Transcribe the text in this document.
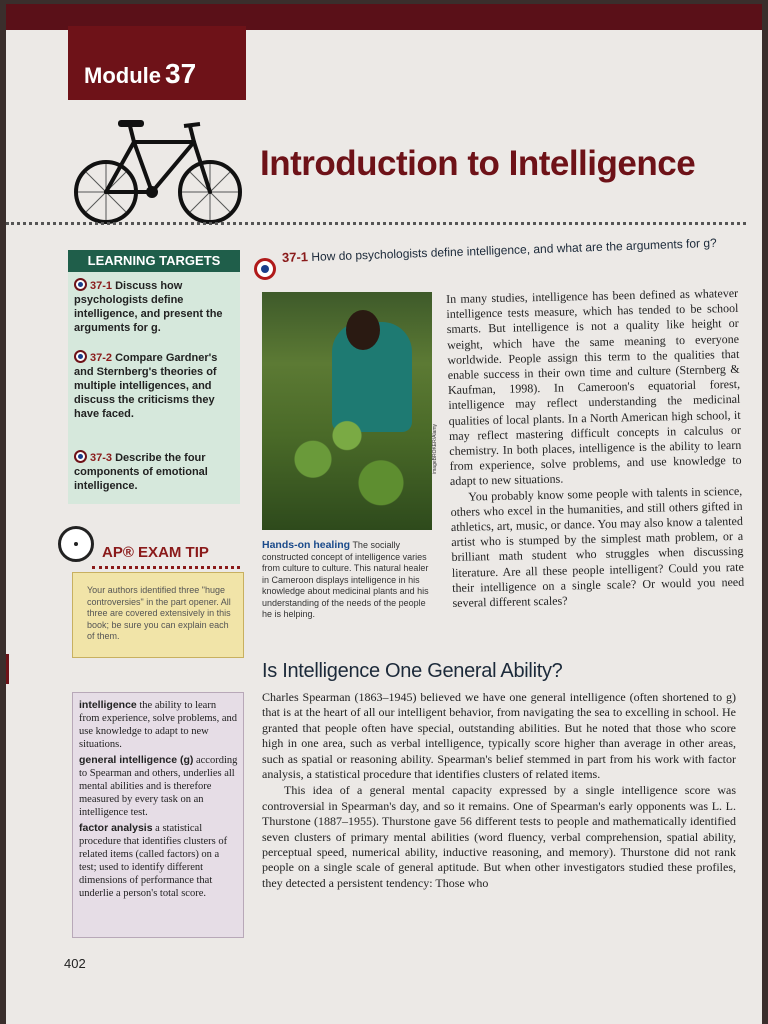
Module 37
Introduction to Intelligence
LEARNING TARGETS
37-1 Discuss how psychologists define intelligence, and present the arguments for g.
37-2 Compare Gardner's and Sternberg's theories of multiple intelligences, and discuss the criticisms they have faced.
37-3 Describe the four components of emotional intelligence.
37-1 How do psychologists define intelligence, and what are the arguments for g?
imageBROKER/Alamy
Hands-on healing The socially constructed concept of intelligence varies from culture to culture. This natural healer in Cameroon displays intelligence in his knowledge about medicinal plants and his understanding of the needs of the people he is helping.
AP® EXAM TIP
Your authors identified three "huge controversies" in the part opener. All three are covered extensively in this book; be sure you can explain each of them.

In many studies, intelligence has been defined as whatever intelligence tests measure, which has tended to be school smarts. But intelligence is not a quality like height or weight, which have the same meaning to everyone worldwide. People assign this term to the qualities that enable success in their own time and culture (Sternberg & Kaufman, 1998). In Cameroon's equatorial forest, intelligence may reflect understanding the medicinal qualities of local plants. In a North American high school, it may reflect mastering difficult concepts in calculus or chemistry. In both places, intelligence is the ability to learn from experience, solve problems, and use knowledge to adapt to new situations.

You probably know some people with talents in science, others who excel in the humanities, and still others gifted in athletics, art, music, or dance. You may also know a talented artist who is stumped by the simplest math problem, or a brilliant math student who struggles when discussing literature. Are all these people intelligent? Could you rate their intelligence on a single scale? Or would you need several different scales?

Is Intelligence One General Ability?

Charles Spearman (1863–1945) believed we have one general intelligence (often shortened to g) that is at the heart of all our intelligent behavior, from navigating the sea to excelling in school. He granted that people often have special, outstanding abilities. But he noted that those who score high in one area, such as verbal intelligence, typically score higher than average in other areas, such as spatial or reasoning ability. Spearman's belief stemmed in part from his work with factor analysis, a statistical procedure that identifies clusters of related items.

This idea of a general mental capacity expressed by a single intelligence score was controversial in Spearman's day, and so it remains. One of Spearman's early opponents was L. L. Thurstone (1887–1955). Thurstone gave 56 different tests to people and mathematically identified seven clusters of primary mental abilities (word fluency, verbal comprehension, spatial ability, perceptual speed, numerical ability, inductive reasoning, and memory). Thurstone did not rank people on a single scale of general aptitude. But when other investigators studied these profiles, they detected a persistent tendency: Those who

intelligence the ability to learn from experience, solve problems, and use knowledge to adapt to new situations.

general intelligence (g) according to Spearman and others, underlies all mental abilities and is therefore measured by every task on an intelligence test.

factor analysis a statistical procedure that identifies clusters of related items (called factors) on a test; used to identify different dimensions of performance that underlie a person's total score.

402
